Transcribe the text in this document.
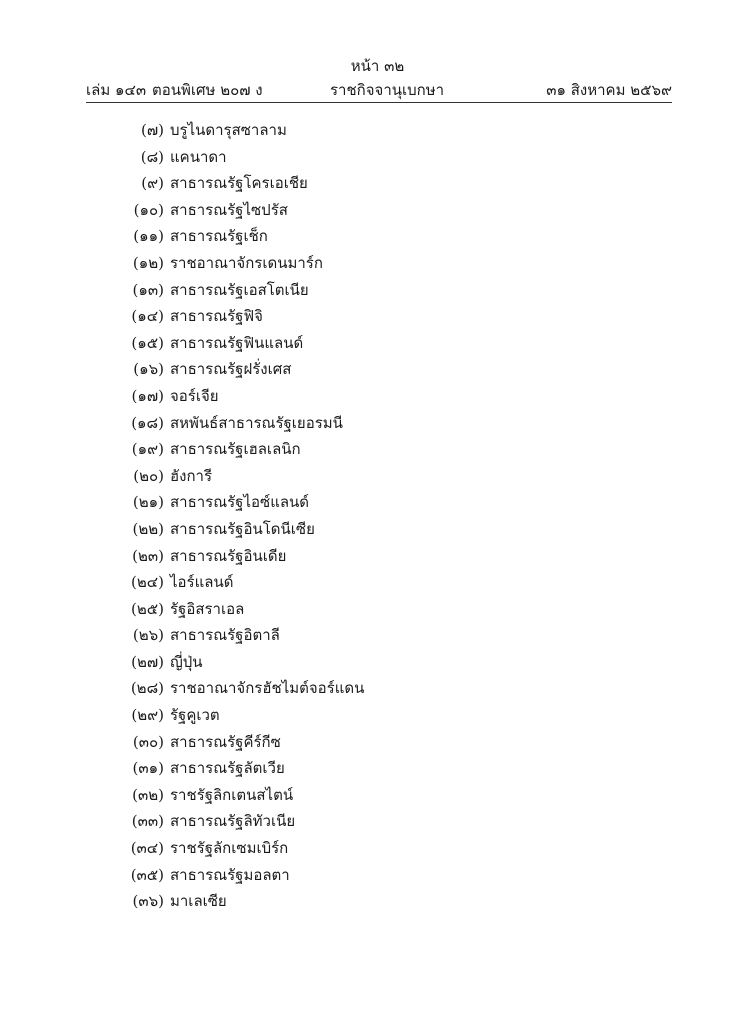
หน้า ๓๒
เล่ม ๑๔๓ ตอนพิเศษ ๒๐๗ ง	ราชกิจจานุเบกษา	๓๑ สิงหาคม ๒๕๖๙
(๗) บรูไนดารุสซาลาม
(๘) แคนาดา
(๙) สาธารณรัฐโครเอเชีย
(๑๐) สาธารณรัฐไซปรัส
(๑๑) สาธารณรัฐเช็ก
(๑๒) ราชอาณาจักรเดนมาร์ก
(๑๓) สาธารณรัฐเอสโตเนีย
(๑๔) สาธารณรัฐฟิจิ
(๑๕) สาธารณรัฐฟินแลนด์
(๑๖) สาธารณรัฐฝรั่งเศส
(๑๗) จอร์เจีย
(๑๘) สหพันธ์สาธารณรัฐเยอรมนี
(๑๙) สาธารณรัฐเฮลเลนิก
(๒๐) ฮังการี
(๒๑) สาธารณรัฐไอซ์แลนด์
(๒๒) สาธารณรัฐอินโดนีเซีย
(๒๓) สาธารณรัฐอินเดีย
(๒๔) ไอร์แลนด์
(๒๕) รัฐอิสราเอล
(๒๖) สาธารณรัฐอิตาลี
(๒๗) ญี่ปุ่น
(๒๘) ราชอาณาจักรฮัชไมต์จอร์แดน
(๒๙) รัฐคูเวต
(๓๐) สาธารณรัฐคีร์กีซ
(๓๑) สาธารณรัฐลัตเวีย
(๓๒) ราชรัฐลิกเตนสไตน์
(๓๓) สาธารณรัฐลิทัวเนีย
(๓๔) ราชรัฐลักเซมเบิร์ก
(๓๕) สาธารณรัฐมอลตา
(๓๖) มาเลเซีย
